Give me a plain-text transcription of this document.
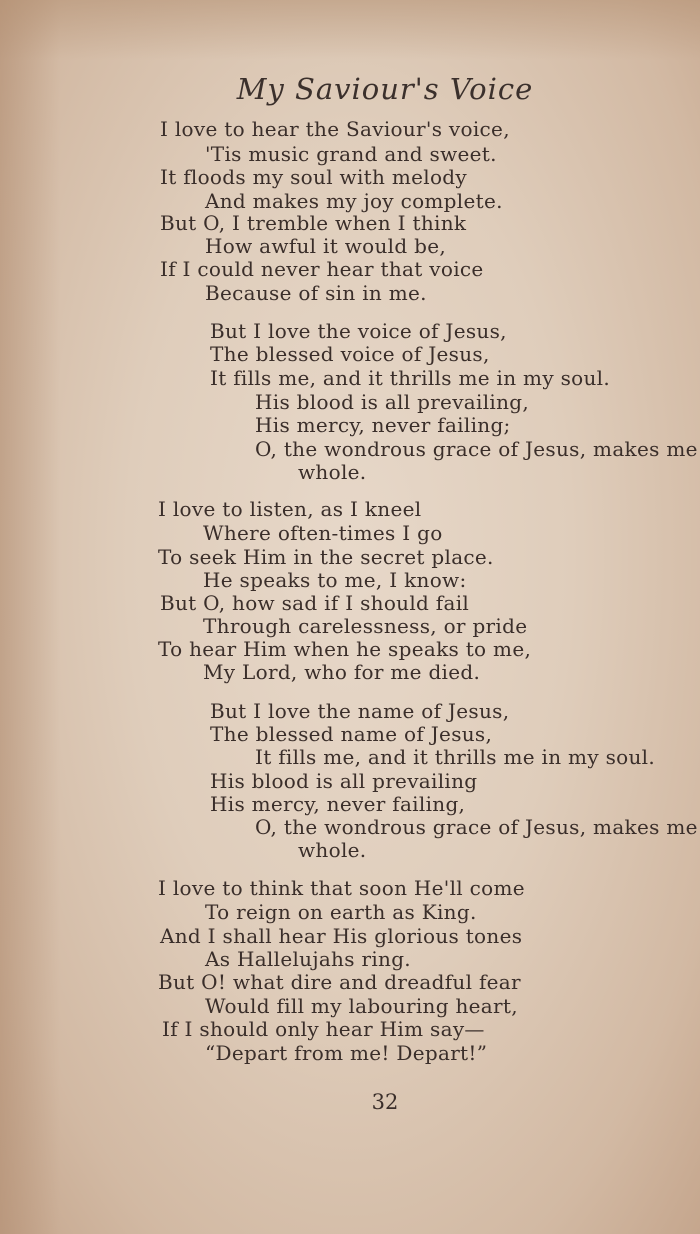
My Saviour's Voice

I love to hear the Saviour's voice,

'Tis music grand and sweet.

It floods my soul with melody

And makes my joy complete.

But O, I tremble when I think

How awful it would be,

If I could never hear that voice

Because of sin in me.

But I love the voice of Jesus,

The blessed voice of Jesus,

It fills me, and it thrills me in my soul.

His blood is all prevailing,

His mercy, never failing;

O, the wondrous grace of Jesus, makes me

whole.

I love to listen, as I kneel

Where often-times I go

To seek Him in the secret place.

He speaks to me, I know:

But O, how sad if I should fail

Through carelessness, or pride

To hear Him when he speaks to me,

My Lord, who for me died.

But I love the name of Jesus,

The blessed name of Jesus,

It fills me, and it thrills me in my soul.

His blood is all prevailing

His mercy, never failing,

O, the wondrous grace of Jesus, makes me

whole.

I love to think that soon He'll come

To reign on earth as King.

And I shall hear His glorious tones

As Hallelujahs ring.

But O! what dire and dreadful fear

Would fill my labouring heart,

If I should only hear Him say—

“Depart from me! Depart!”

32
